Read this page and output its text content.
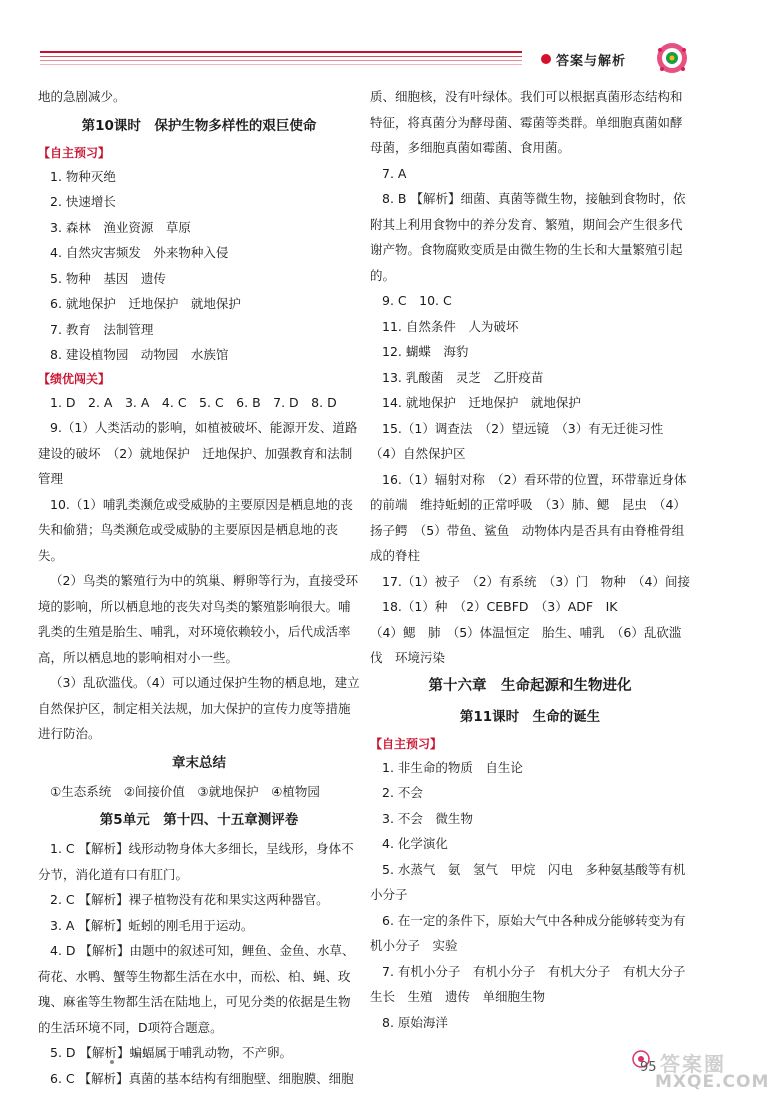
答案与解析

地的急剧减少。

第10课时　保护生物多样性的艰巨使命
【自主预习】

1. 物种灭绝

2. 快速增长

3. 森林　渔业资源　草原

4. 自然灾害频发　外来物种入侵

5. 物种　基因　遗传

6. 就地保护　迁地保护　就地保护

7. 教育　法制管理

8. 建设植物园　动物园　水族馆

【绩优闯关】

1. D　2. A　3. A　4. C　5. C　6. B　7. D　8. D

9.（1）人类活动的影响，如植被破坏、能源开发、道路建设的破坏　（2）就地保护　迁地保护、加强教育和法制管理

10.（1）哺乳类濒危或受威胁的主要原因是栖息地的丧失和偷猎；鸟类濒危或受威胁的主要原因是栖息地的丧失。

（2）鸟类的繁殖行为中的筑巢、孵卵等行为，直接受环境的影响，所以栖息地的丧失对鸟类的繁殖影响很大。哺乳类的生殖是胎生、哺乳，对环境依赖较小，后代成活率高，所以栖息地的影响相对小一些。

（3）乱砍滥伐。（4）可以通过保护生物的栖息地，建立自然保护区，制定相关法规，加大保护的宣传力度等措施进行防治。

章末总结

①生态系统　②间接价值　③就地保护　④植物园

第5单元　第十四、十五章测评卷

1. C 【解析】线形动物身体大多细长，呈线形，身体不分节，消化道有口有肛门。

2. C 【解析】裸子植物没有花和果实这两种器官。

3. A 【解析】蚯蚓的刚毛用于运动。

4. D 【解析】由题中的叙述可知，鲤鱼、金鱼、水草、荷花、水鸭、蟹等生物都生活在水中，而松、柏、蝇、玫瑰、麻雀等生物都生活在陆地上，可见分类的依据是生物的生活环境不同，D项符合题意。

5. D 【解析】蝙蝠属于哺乳动物，不产卵。

6. C 【解析】真菌的基本结构有细胞壁、细胞膜、细胞

质、细胞核，没有叶绿体。我们可以根据真菌形态结构和特征，将真菌分为酵母菌、霉菌等类群。单细胞真菌如酵母菌，多细胞真菌如霉菌、食用菌。

7. A

8. B 【解析】细菌、真菌等微生物，接触到食物时，依附其上利用食物中的养分发育、繁殖，期间会产生很多代谢产物。食物腐败变质是由微生物的生长和大量繁殖引起的。

9. C　10. C

11. 自然条件　人为破坏

12. 蝴蝶　海豹

13. 乳酸菌　灵芝　乙肝疫苗

14. 就地保护　迁地保护　就地保护

15.（1）调查法　（2）望远镜　（3）有无迁徙习性

（4）自然保护区

16.（1）辐射对称　（2）看环带的位置，环带靠近身体的前端　维持蚯蚓的正常呼吸　（3）肺、鳃　昆虫　（4）扬子鳄　（5）带鱼、鲨鱼　动物体内是否具有由脊椎骨组成的脊柱

17.（1）被子　（2）有系统　（3）门　物种　（4）间接

18.（1）种　（2）CEBFD　（3）ADF　IK

（4）鳃　肺　（5）体温恒定　胎生、哺乳　（6）乱砍滥伐　环境污染

第十六章　生命起源和生物进化
第11课时　生命的诞生
【自主预习】

1. 非生命的物质　自生论

2. 不会

3. 不会　微生物

4. 化学演化

5. 水蒸气　氨　氢气　甲烷　闪电　多种氨基酸等有机小分子

6. 在一定的条件下，原始大气中各种成分能够转变为有机小分子　实验

7. 有机小分子　有机小分子　有机大分子　有机大分子　生长　生殖　遗传　单细胞生物

8. 原始海洋

95 答案圈
MXQE.COM
